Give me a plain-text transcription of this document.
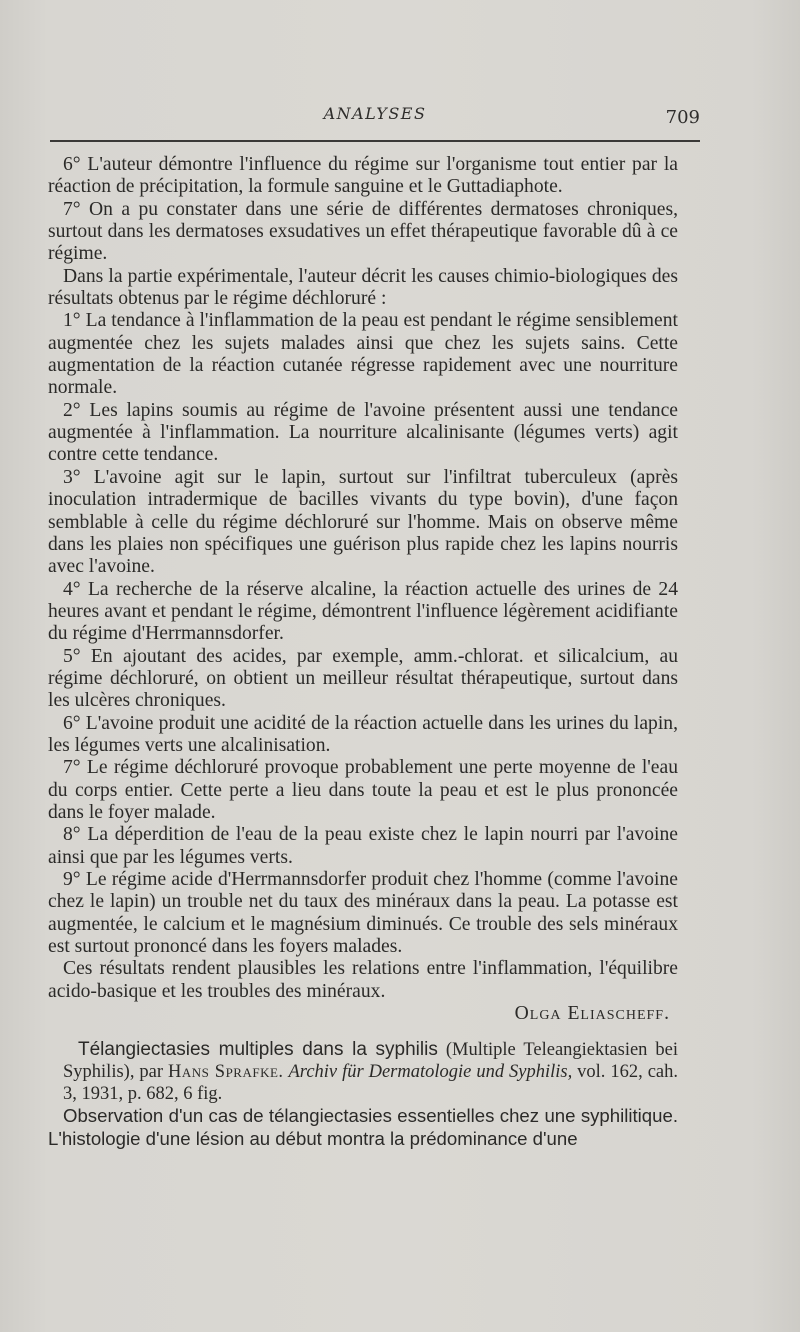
ANALYSES	709

6° L'auteur démontre l'influence du régime sur l'organisme tout entier par la réaction de précipitation, la formule sanguine et le Guttadiaphote.

7° On a pu constater dans une série de différentes dermatoses chroniques, surtout dans les dermatoses exsudatives un effet thérapeutique favorable dû à ce régime.

Dans la partie expérimentale, l'auteur décrit les causes chimio-biologiques des résultats obtenus par le régime déchloruré :

1° La tendance à l'inflammation de la peau est pendant le régime sensiblement augmentée chez les sujets malades ainsi que chez les sujets sains. Cette augmentation de la réaction cutanée régresse rapidement avec une nourriture normale.

2° Les lapins soumis au régime de l'avoine présentent aussi une tendance augmentée à l'inflammation. La nourriture alcalinisante (légumes verts) agit contre cette tendance.

3° L'avoine agit sur le lapin, surtout sur l'infiltrat tuberculeux (après inoculation intradermique de bacilles vivants du type bovin), d'une façon semblable à celle du régime déchloruré sur l'homme. Mais on observe même dans les plaies non spécifiques une guérison plus rapide chez les lapins nourris avec l'avoine.

4° La recherche de la réserve alcaline, la réaction actuelle des urines de 24 heures avant et pendant le régime, démontrent l'influence légèrement acidifiante du régime d'Herrmannsdorfer.

5° En ajoutant des acides, par exemple, amm.-chlorat. et silicalcium, au régime déchloruré, on obtient un meilleur résultat thérapeutique, surtout dans les ulcères chroniques.

6° L'avoine produit une acidité de la réaction actuelle dans les urines du lapin, les légumes verts une alcalinisation.

7° Le régime déchloruré provoque probablement une perte moyenne de l'eau du corps entier. Cette perte a lieu dans toute la peau et est le plus prononcée dans le foyer malade.

8° La déperdition de l'eau de la peau existe chez le lapin nourri par l'avoine ainsi que par les légumes verts.

9° Le régime acide d'Herrmannsdorfer produit chez l'homme (comme l'avoine chez le lapin) un trouble net du taux des minéraux dans la peau. La potasse est augmentée, le calcium et le magnésium diminués. Ce trouble des sels minéraux est surtout prononcé dans les foyers malades.

Ces résultats rendent plausibles les relations entre l'inflammation, l'équilibre acido-basique et les troubles des minéraux.

Olga Eliascheff.

Télangiectasies multiples dans la syphilis (Multiple Teleangiektasien bei Syphilis), par Hans Sprafke. Archiv für Dermatologie und Syphilis, vol. 162, cah. 3, 1931, p. 682, 6 fig.

Observation d'un cas de télangiectasies essentielles chez une syphilitique. L'histologie d'une lésion au début montra la prédominance d'une
